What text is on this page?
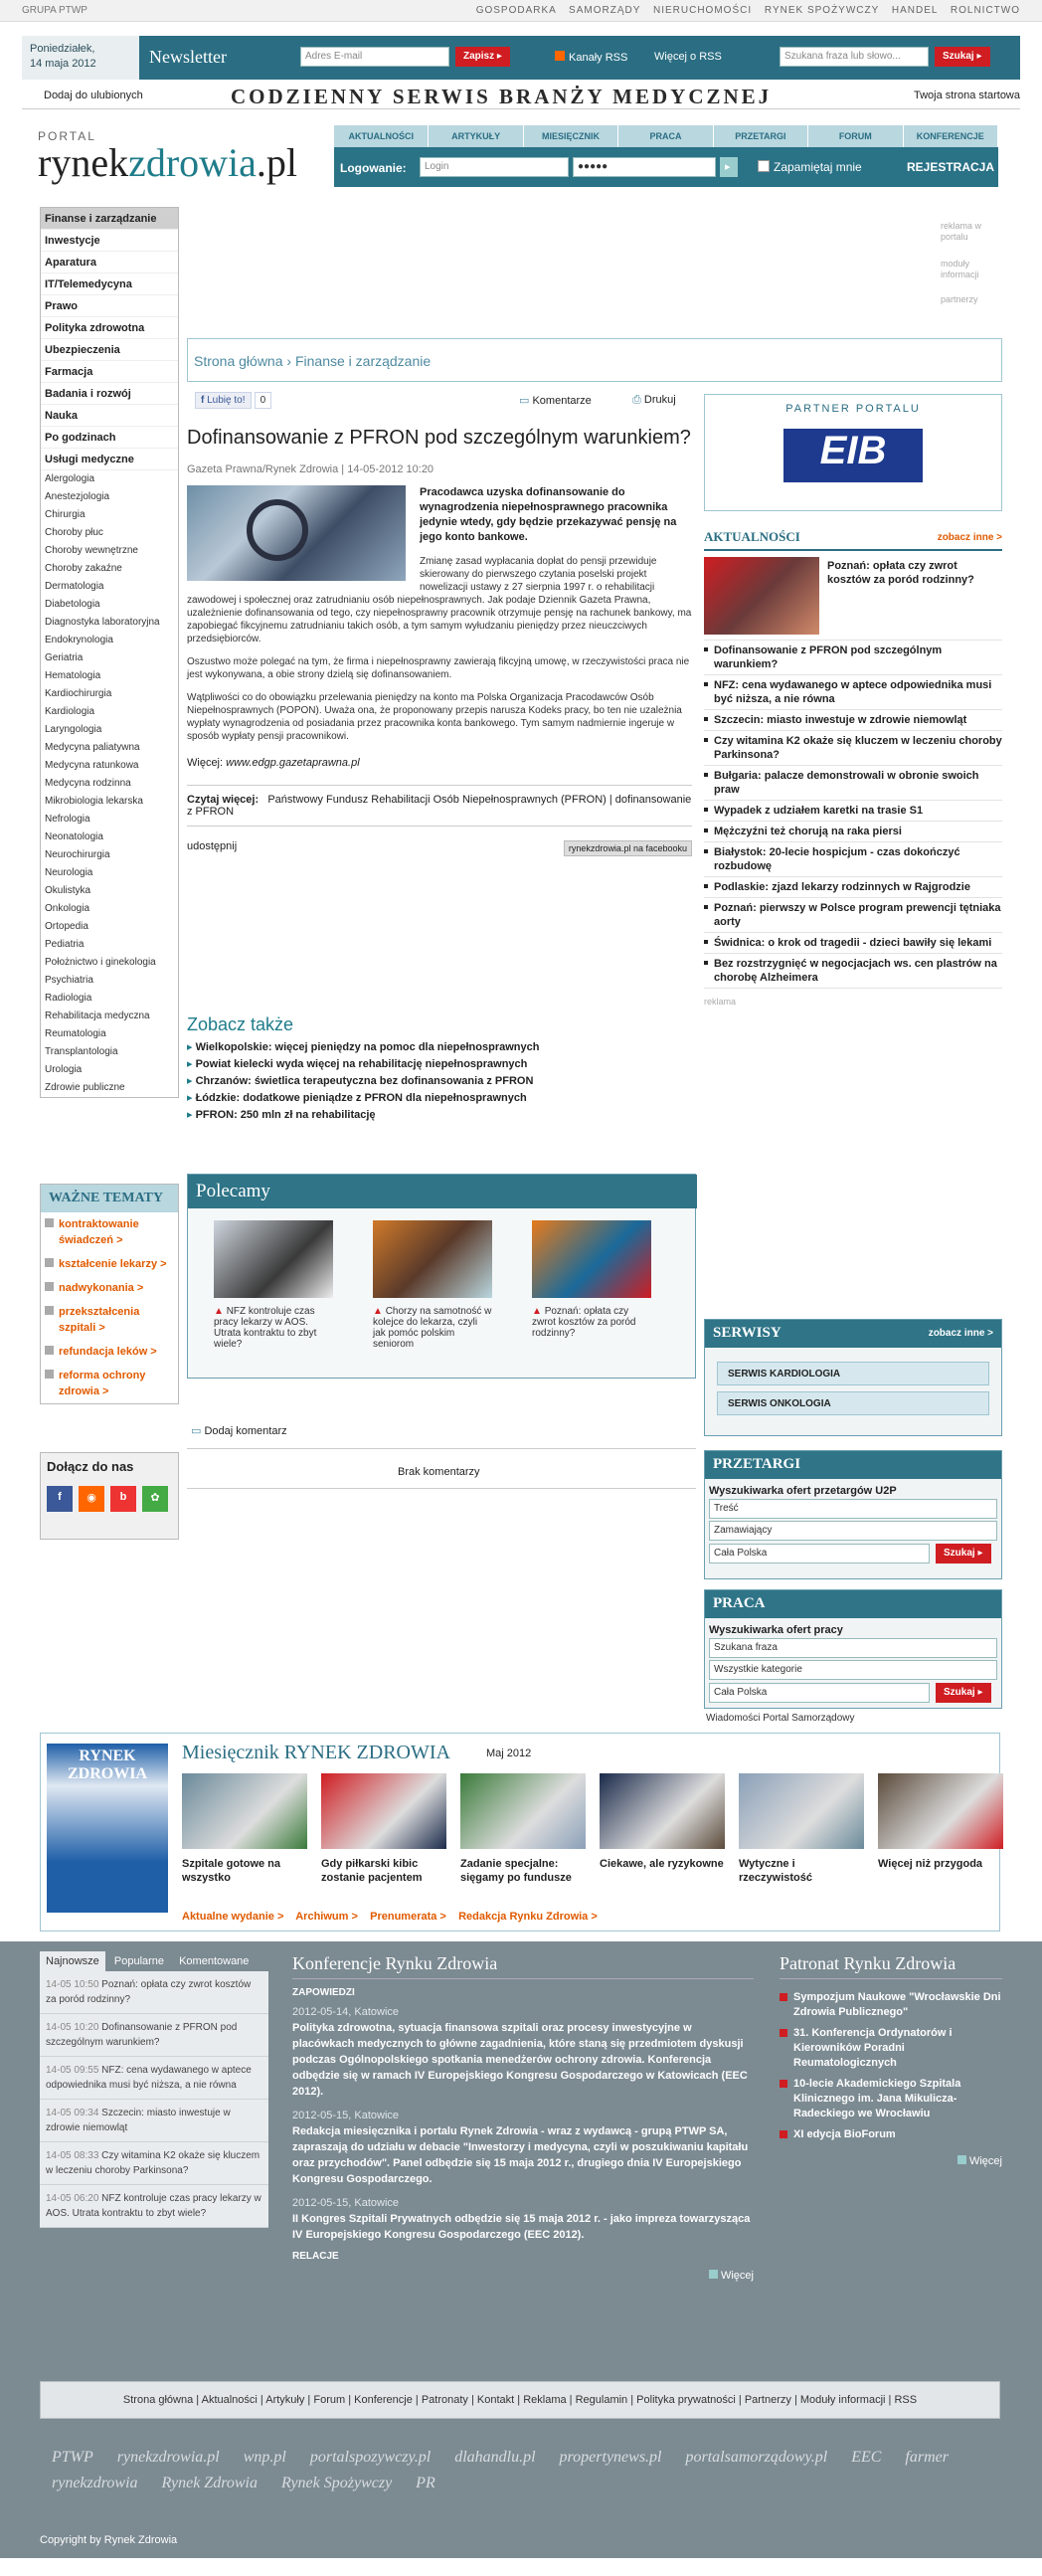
GRUPA PTWP	GOSPODARKA SAMORZĄDY NIERUCHOMOŚCI RYNEK SPOŻYWCZY HANDEL ROLNICTWO
Poniedziałek,
14 maja 2012	Newsletter	Adres E-mail	Zapisz ▸	Kanały RSS Więcej o RSS	Szukana fraza lub słowo...	Szukaj ▸
Dodaj do ulubionych	CODZIENNY SERWIS BRANŻY MEDYCZNEJ	Twoja strona startowa
PORTAL
rynekzdrowia.pl
AKTUALNOŚCI	ARTYKUŁY	MIESIĘCZNIK	PRACA	PRZETARGI	FORUM	KONFERENCJE
Logowanie:	Login	●●●●●	▸	Zapamiętaj mnie	REJESTRACJA
reklama w portalu
moduły informacji
partnerzy
Finanse i zarządzanie
Inwestycje
Aparatura
IT/Telemedycyna
Prawo
Polityka zdrowotna
Ubezpieczenia
Farmacja
Badania i rozwój
Nauka
Po godzinach
Usługi medyczne
Alergologia
Anestezjologia
Chirurgia
Choroby płuc
Choroby wewnętrzne
Choroby zakaźne
Dermatologia
Diabetologia
Diagnostyka laboratoryjna
Endokrynologia
Geriatria
Hematologia
Kardiochirurgia
Kardiologia
Laryngologia
Medycyna paliatywna
Medycyna ratunkowa
Medycyna rodzinna
Mikrobiologia lekarska
Nefrologia
Neonatologia
Neurochirurgia
Neurologia
Okulistyka
Onkologia
Ortopedia
Pediatria
Położnictwo i ginekologia
Psychiatria
Radiologia
Rehabilitacja medyczna
Reumatologia
Transplantologia
Urologia
Zdrowie publiczne
Strona główna › Finanse i zarządzanie
f Lubię to! 0	▭ Komentarze	⎙ Drukuj
Dofinansowanie z PFRON pod szczególnym warunkiem?
Gazeta Prawna/Rynek Zdrowia | 14-05-2012 10:20
Pracodawca uzyska dofinansowanie do wynagrodzenia niepełnosprawnego pracownika jedynie wtedy, gdy będzie przekazywać pensję na jego konto bankowe.

Zmianę zasad wypłacania dopłat do pensji przewiduje skierowany do pierwszego czytania poselski projekt nowelizacji ustawy z 27 sierpnia 1997 r. o rehabilitacji zawodowej i społecznej oraz zatrudnianiu osób niepełnosprawnych. Jak podaje Dziennik Gazeta Prawna, uzależnienie dofinansowania od tego, czy niepełnosprawny pracownik otrzymuje pensję na rachunek bankowy, ma zapobiegać fikcyjnemu zatrudnianiu takich osób, a tym samym wyłudzaniu pieniędzy przez nieuczciwych przedsiębiorców.

Oszustwo może polegać na tym, że firma i niepełnosprawny zawierają fikcyjną umowę, w rzeczywistości praca nie jest wykonywana, a obie strony dzielą się dofinansowaniem.

Wątpliwości co do obowiązku przelewania pieniędzy na konto ma Polska Organizacja Pracodawców Osób Niepełnosprawnych (POPON). Uważa ona, że proponowany przepis narusza Kodeks pracy, bo ten nie uzależnia wypłaty wynagrodzenia od posiadania przez pracownika konta bankowego. Tym samym nadmiernie ingeruje w sposób wypłaty pensji pracownikowi.

Więcej: www.edgp.gazetaprawna.pl
Czytaj więcej: Państwowy Fundusz Rehabilitacji Osób Niepełnosprawnych (PFRON) | dofinansowanie z PFRON
udostępnij	rynekzdrowia.pl na facebooku
Zobacz także
▸ Wielkopolskie: więcej pieniędzy na pomoc dla niepełnosprawnych
▸ Powiat kielecki wyda więcej na rehabilitację niepełnosprawnych
▸ Chrzanów: świetlica terapeutyczna bez dofinansowania z PFRON
▸ Łódzkie: dodatkowe pieniądze z PFRON dla niepełnosprawnych
▸ PFRON: 250 mln zł na rehabilitację
Polecamy
▲ NFZ kontroluje czas pracy lekarzy w AOS. Utrata kontraktu to zbyt wiele?
▲ Chorzy na samotność w kolejce do lekarza, czyli jak pomóc polskim seniorom
▲ Poznań: opłata czy zwrot kosztów za poród rodzinny?
▭ Dodaj komentarz
Brak komentarzy
WAŻNE TEMATY
kontraktowanie świadczeń >
kształcenie lekarzy >
nadwykonania >
przekształcenia szpitali >
refundacja leków >
reforma ochrony zdrowia >
Dołącz do nas
f	◉	b	✿
PARTNER PORTALU
EIB
AKTUALNOŚCI	zobacz inne >
Poznań: opłata czy zwrot kosztów za poród rodzinny?
Dofinansowanie z PFRON pod szczególnym warunkiem?
NFZ: cena wydawanego w aptece odpowiednika musi być niższa, a nie równa
Szczecin: miasto inwestuje w zdrowie niemowląt
Czy witamina K2 okaże się kluczem w leczeniu choroby Parkinsona?
Bułgaria: palacze demonstrowali w obronie swoich praw
Wypadek z udziałem karetki na trasie S1
Mężczyźni też chorują na raka piersi
Białystok: 20-lecie hospicjum - czas dokończyć rozbudowę
Podlaskie: zjazd lekarzy rodzinnych w Rajgrodzie
Poznań: pierwszy w Polsce program prewencji tętniaka aorty
Świdnica: o krok od tragedii - dzieci bawiły się lekami
Bez rozstrzygnięć w negocjacjach ws. cen plastrów na chorobę Alzheimera
reklama
SERWISY	zobacz inne >
SERWIS KARDIOLOGIA
SERWIS ONKOLOGIA
PRZETARGI
Wyszukiwarka ofert przetargów U2P
Treść
Zamawiający
Cała Polska	Szukaj ▸
PRACA
Wyszukiwarka ofert pracy
Szukana fraza
Wszystkie kategorie
Cała Polska	Szukaj ▸
Wiadomości Portal Samorządowy
RYNEK ZDROWIA
Miesięcznik RYNEK ZDROWIA	Maj 2012
Szpitale gotowe na wszystko
Gdy piłkarski kibic zostanie pacjentem
Zadanie specjalne: sięgamy po fundusze
Ciekawe, ale ryzykowne Wytyczne i rzeczywistość
Więcej niż przygoda
Aktualne wydanie > Archiwum > Prenumerata > Redakcja Rynku Zdrowia >
Najnowsze Popularne Komentowane
14-05 10:50 Poznań: opłata czy zwrot kosztów za poród rodzinny?
14-05 10:20 Dofinansowanie z PFRON pod szczególnym warunkiem?
14-05 09:55 NFZ: cena wydawanego w aptece odpowiednika musi być niższa, a nie równa
14-05 09:34 Szczecin: miasto inwestuje w zdrowie niemowląt
14-05 08:33 Czy witamina K2 okaże się kluczem w leczeniu choroby Parkinsona?
14-05 06:20 NFZ kontroluje czas pracy lekarzy w AOS. Utrata kontraktu to zbyt wiele?
Konferencje Rynku Zdrowia
ZAPOWIEDZI
2012-05-14, Katowice
Polityka zdrowotna, sytuacja finansowa szpitali oraz procesy inwestycyjne w placówkach medycznych to główne zagadnienia, które staną się przedmiotem dyskusji podczas Ogólnopolskiego spotkania menedżerów ochrony zdrowia. Konferencja odbędzie się w ramach IV Europejskiego Kongresu Gospodarczego w Katowicach (EEC 2012).
2012-05-15, Katowice
Redakcja miesięcznika i portalu Rynek Zdrowia - wraz z wydawcą - grupą PTWP SA, zapraszają do udziału w debacie "Inwestorzy i medycyna, czyli w poszukiwaniu kapitału oraz przychodów". Panel odbędzie się 15 maja 2012 r., drugiego dnia IV Europejskiego Kongresu Gospodarczego.
2012-05-15, Katowice
II Kongres Szpitali Prywatnych odbędzie się 15 maja 2012 r. - jako impreza towarzysząca IV Europejskiego Kongresu Gospodarczego (EEC 2012).
RELACJE
Więcej
Patronat Rynku Zdrowia
Sympozjum Naukowe "Wrocławskie Dni Zdrowia Publicznego"
31. Konferencja Ordynatorów i Kierowników Poradni Reumatologicznych
10-lecie Akademickiego Szpitala Klinicznego im. Jana Mikulicza-Radeckiego we Wrocławiu
XI edycja BioForum
Więcej
Strona główna | Aktualności | Artykuły | Forum | Konferencje | Patronaty | Kontakt | Reklama | Regulamin | Polityka prywatności | Partnerzy | Moduły informacji | RSS
PTWP rynekzdrowia.pl wnp.pl portalspozywczy.pl dlahandlu.pl propertynews.pl portalsamorządowy.pl EEC farmerrynekzdrowia Rynek Zdrowia Rynek Spożywczy PR
Copyright by Rynek Zdrowia
